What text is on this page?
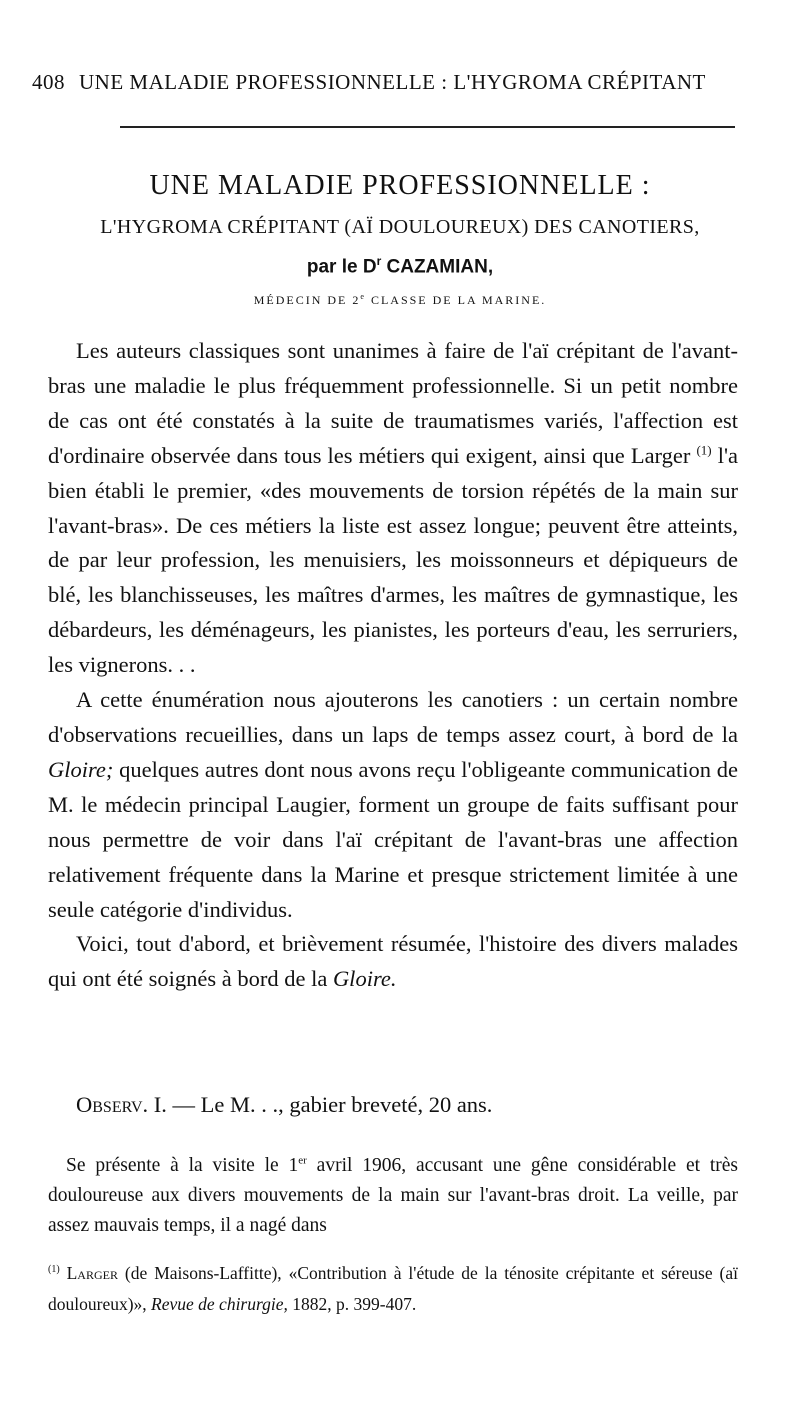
408 UNE MALADIE PROFESSIONNELLE : L'HYGROMA CRÉPITANT
UNE MALADIE PROFESSIONNELLE :
L'HYGROMA CRÉPITANT (AÏ DOULOUREUX) DES CANOTIERS,
par le $D^r$ CAZAMIAN,
MÉDECIN DE 2e CLASSE DE LA MARINE.

Les auteurs classiques sont unanimes à faire de l'aï crépitant de l'avant-bras une maladie le plus fréquemment professionnelle. Si un petit nombre de cas ont été constatés à la suite de traumatismes variés, l'affection est d'ordinaire observée dans tous les métiers qui exigent, ainsi que Larger $^{(1)}$ l'a bien établi le premier, «des mouvements de torsion répétés de la main sur l'avant-bras». De ces métiers la liste est assez longue; peuvent être atteints, de par leur profession, les menuisiers, les moissonneurs et dépiqueurs de blé, les blanchisseuses, les maîtres d'armes, les maîtres de gymnastique, les débardeurs, les déménageurs, les pianistes, les porteurs d'eau, les serruriers, les vignerons. . .

A cette énumération nous ajouterons les canotiers : un certain nombre d'observations recueillies, dans un laps de temps assez court, à bord de la Gloire; quelques autres dont nous avons reçu l'obligeante communication de M. le médecin principal Laugier, forment un groupe de faits suffisant pour nous permettre de voir dans l'aï crépitant de l'avant-bras une affection relativement fréquente dans la Marine et presque strictement limitée à une seule catégorie d'individus.

Voici, tout d'abord, et brièvement résumée, l'histoire des divers malades qui ont été soignés à bord de la Gloire.

Observ. I. — Le M. . ., gabier breveté, 20 ans.

Se présente à la visite le 1er avril 1906, accusant une gêne considérable et très douloureuse aux divers mouvements de la main sur l'avant-bras droit. La veille, par assez mauvais temps, il a nagé dans

$^{(1)}$ Larger (de Maisons-Laffitte), «Contribution à l'étude de la ténosite crépitante et séreuse (aï douloureux)», Revue de chirurgie, 1882, p. 399-407.
